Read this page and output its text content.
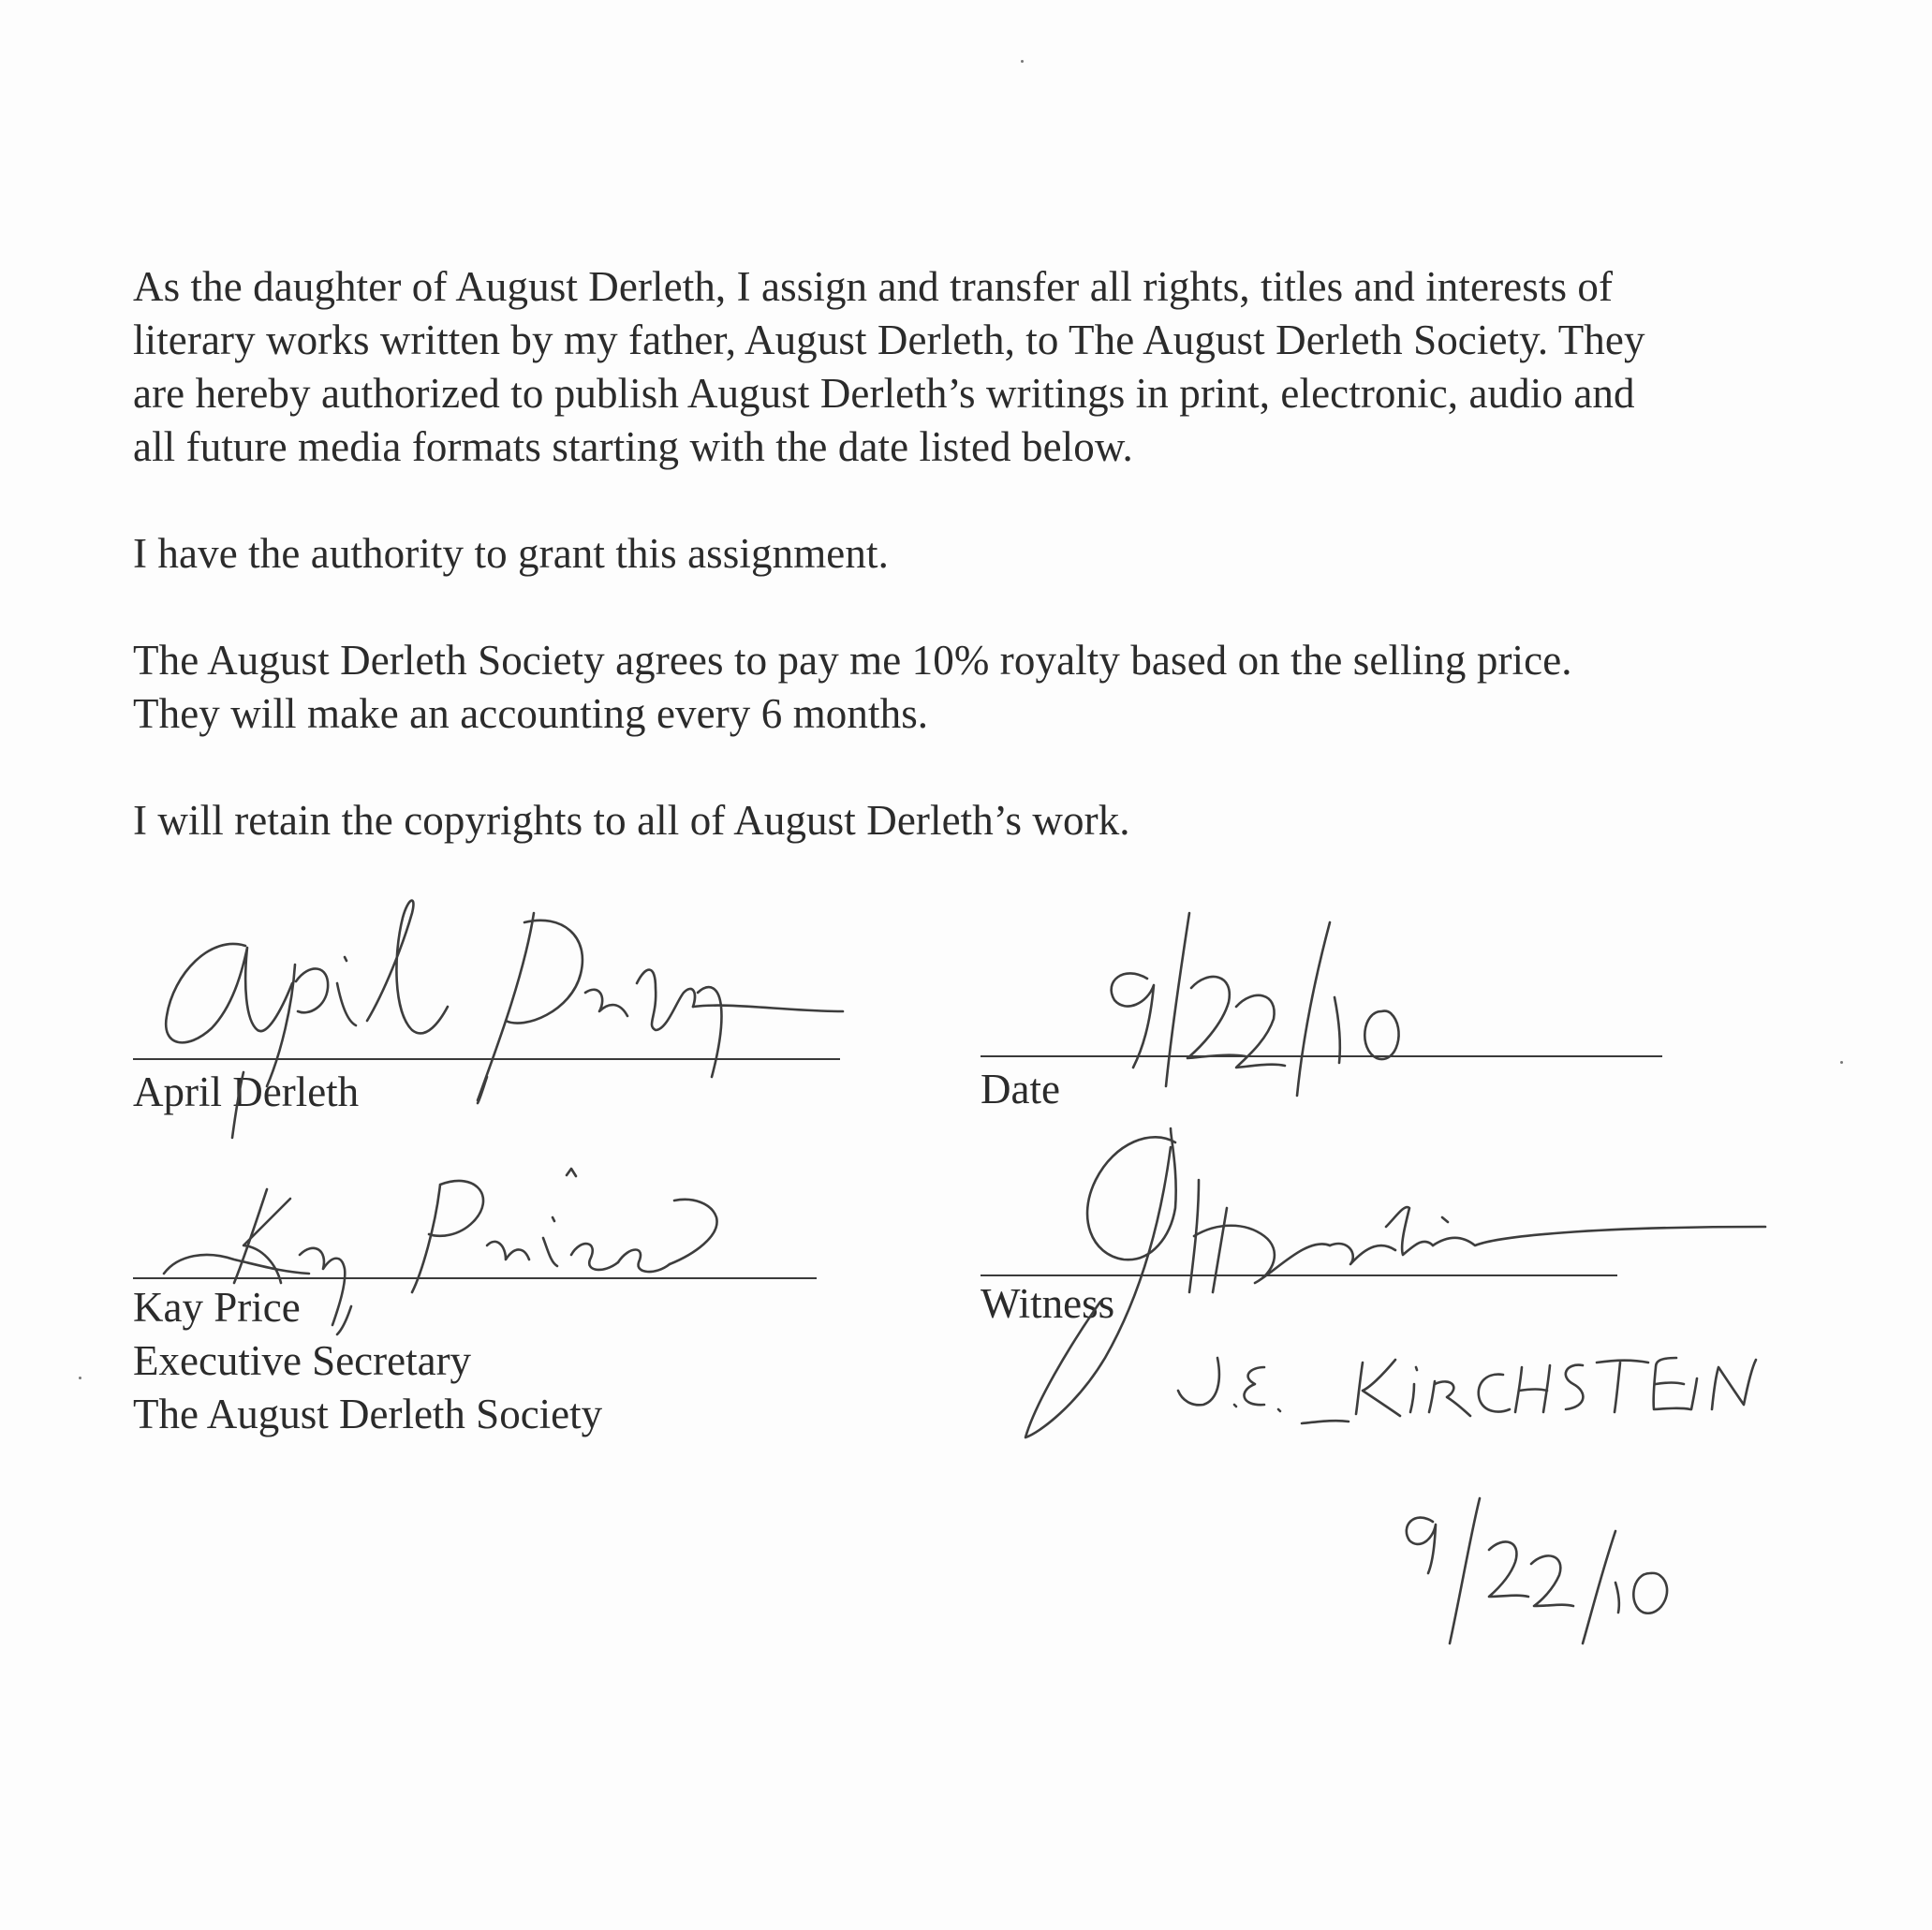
As the daughter of August Derleth, I assign and transfer all rights, titles and interests of
literary works written by my father, August Derleth, to The August Derleth Society. They
are hereby authorized to publish August Derleth’s writings in print, electronic, audio and
all future media formats starting with the date listed below.
I have the authority to grant this assignment.
The August Derleth Society agrees to pay me 10% royalty based on the selling price.
They will make an accounting every 6 months.
I will retain the copyrights to all of August Derleth’s work.
April Derleth	Date
Kay Price
Executive Secretary
The August Derleth Society
Witness
